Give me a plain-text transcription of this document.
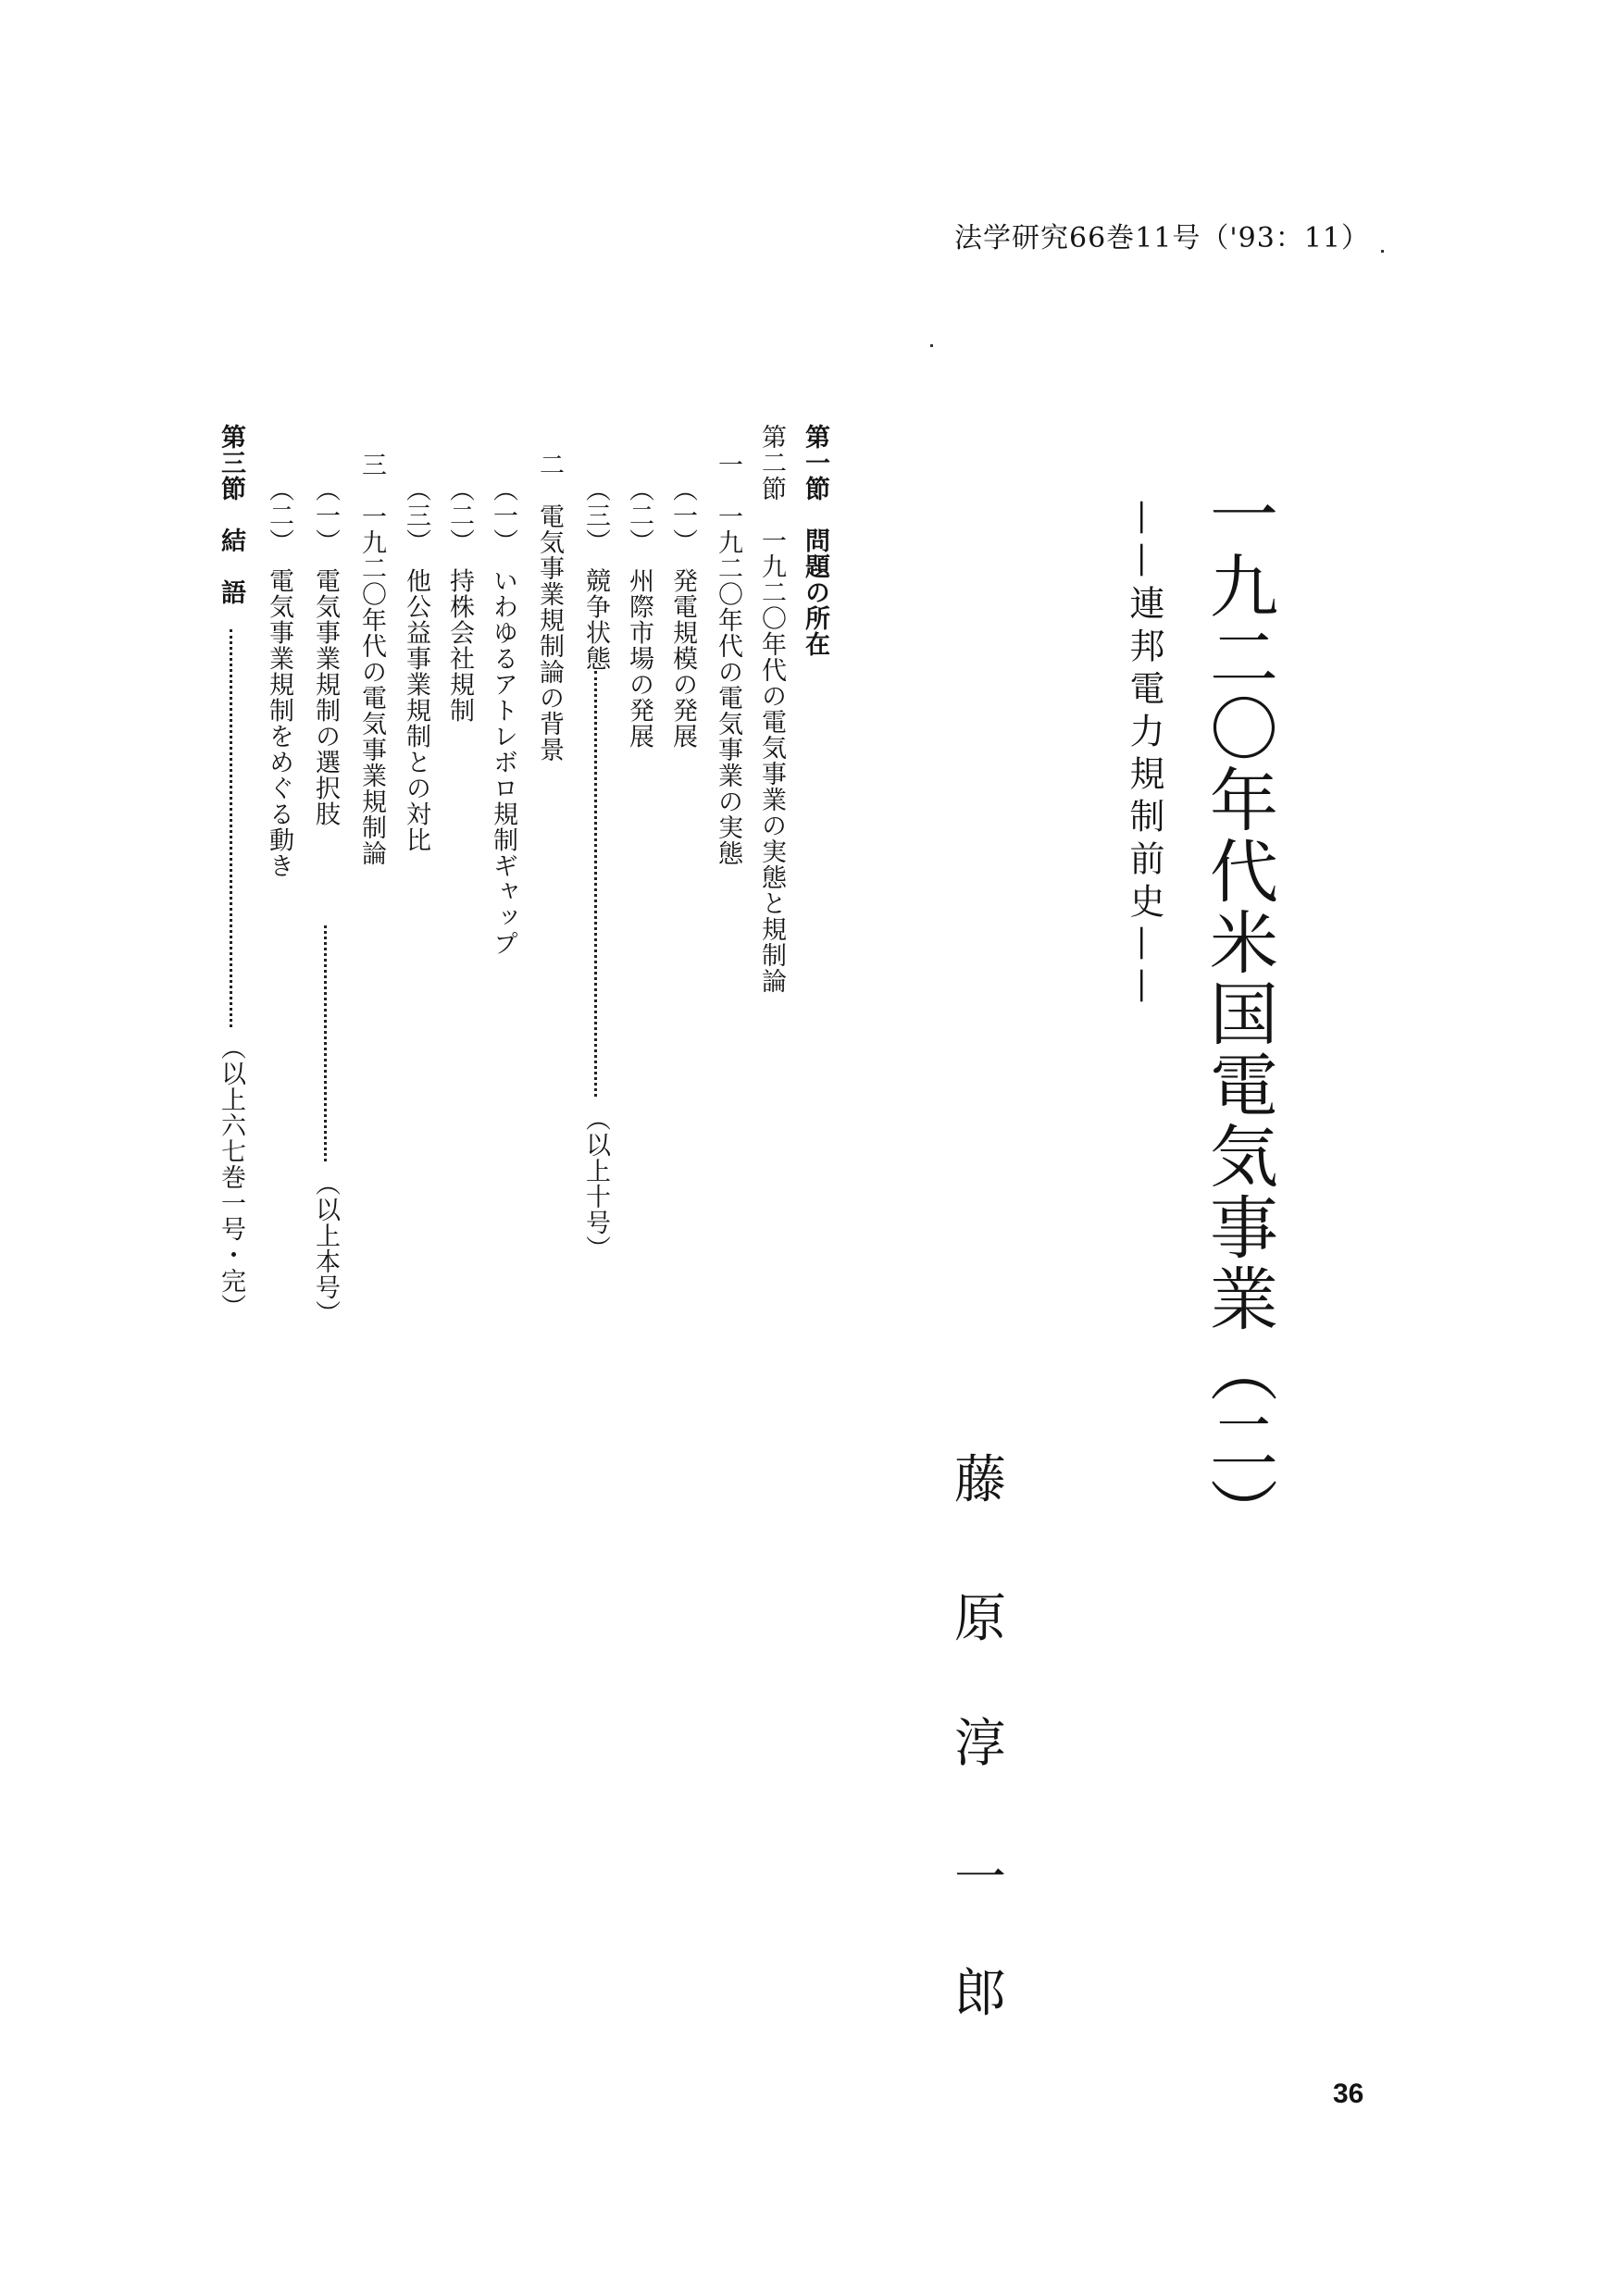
法学研究66巻11号（'93：11）
一九二〇年代米国電気事業（二）
——連邦電力規制前史——
藤
原
淳
一
郎
第一節　問題の所在
第二節　一九二〇年代の電気事業の実態と規制論
一　一九二〇年代の電気事業の実態
（一）　発電規模の発展
（二）　州際市場の発展
（三）　競争状態
（以上十号）
二　電気事業規制論の背景
（一）　いわゆるアトレボロ規制ギャップ
（二）　持株会社規制
（三）　他公益事業規制との対比
三　一九二〇年代の電気事業規制論
（一）　電気事業規制の選択肢
（以上本号）
（二）　電気事業規制をめぐる動き
第三節　結　語
（以上六七巻一号・完）
36
